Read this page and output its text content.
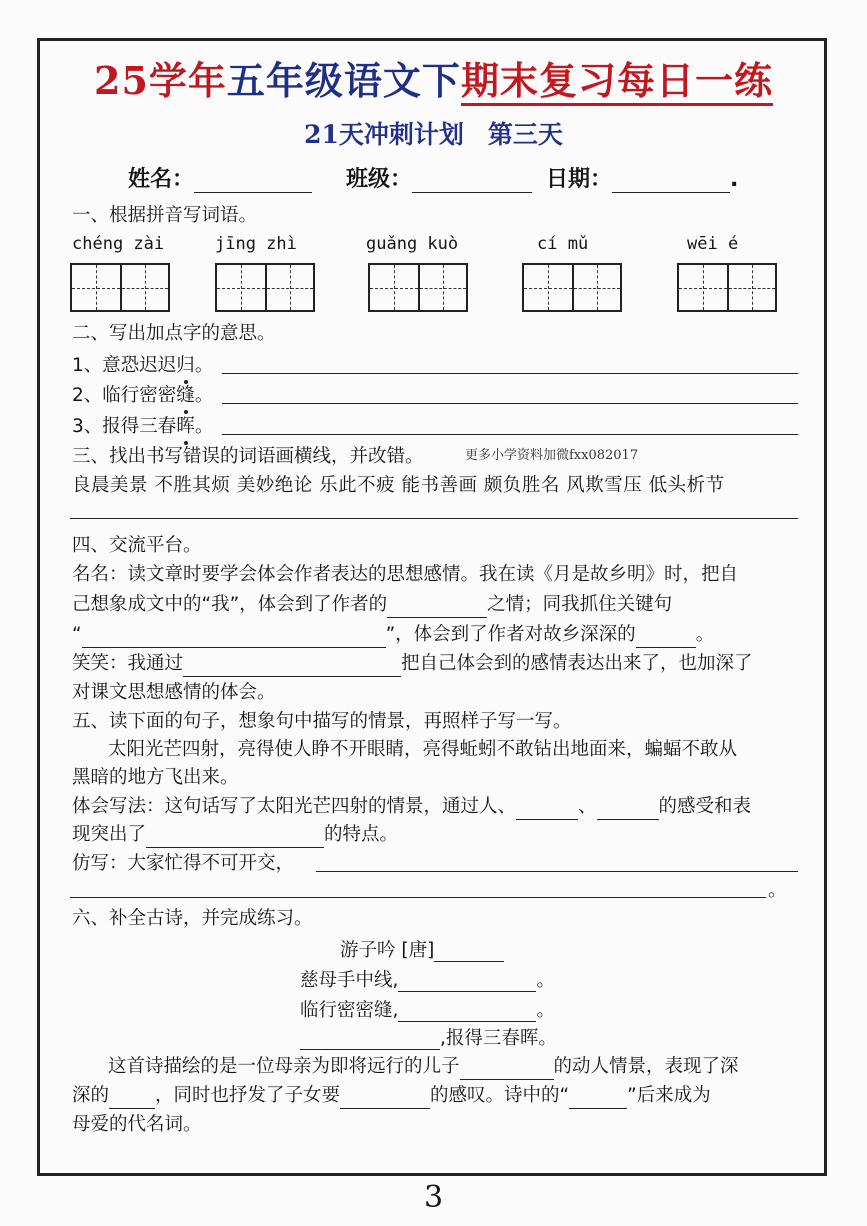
25学年五年级语文下期末复习每日一练
21天冲刺计划 第三天
姓名：	班级：	日期：	.
一、根据拼音写词语。
chéng zài	jīng zhì	guǎng kuò	cí mǔ	wēi é
二、写出加点字的意思。
1、意恐迟迟归。
2、临行密密缝。
3、报得三春晖。
更多小学资料加微fxx082017
三、找出书写错误的词语画横线，并改错。
良晨美景 不胜其烦 美妙绝论 乐此不疲 能书善画 颇负胜名 风欺雪压 低头析节
四、交流平台。
名名：读文章时要学会体会作者表达的思想感情。我在读《月是故乡明》时，把自
己想象成文中的“我”，体会到了作者的	之情；同我抓住关键句
“	”，体会到了作者对故乡深深的	。
笑笑：我通过	把自己体会到的感情表达出来了，也加深了
对课文思想感情的体会。
五、读下面的句子，想象句中描写的情景，再照样子写一写。
太阳光芒四射，亮得使人睁不开眼睛，亮得蚯蚓不敢钻出地面来，蝙蝠不敢从
黑暗的地方飞出来。
体会写法：这句话写了太阳光芒四射的情景，通过人、	、	的感受和表
现突出了	的特点。
仿写：大家忙得不可开交，
。
六、补全古诗，并完成练习。
游子吟 [唐]
慈母手中线,	。
临行密密缝,	。
,报得三春晖。
这首诗描绘的是一位母亲为即将远行的儿子	的动人情景，表现了深
深的 ，同时也抒发了子女要	的感叹。诗中的“	”后来成为
母爱的代名词。
3
